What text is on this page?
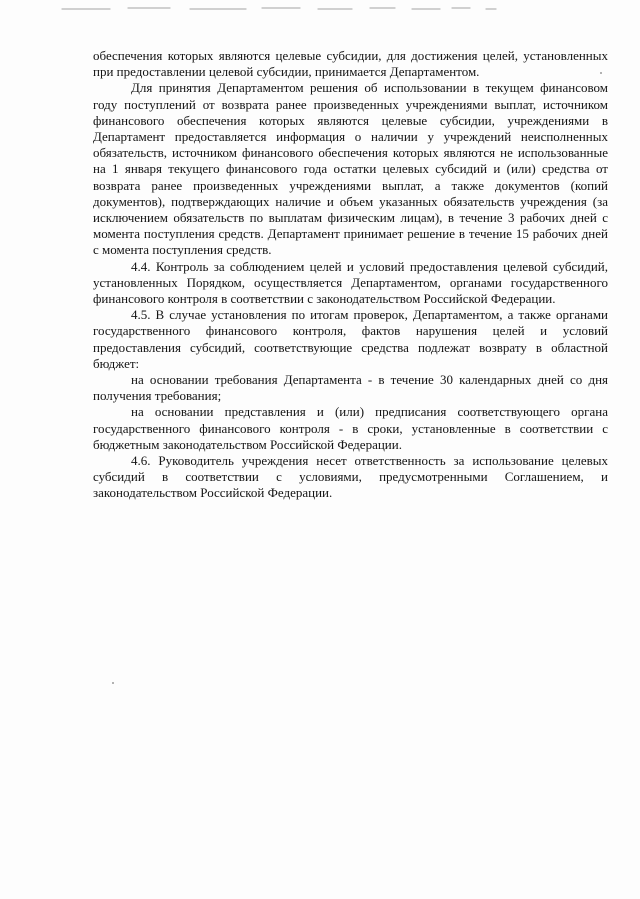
обеспечения которых являются целевые субсидии, для достижения целей, установленных при предоставлении целевой субсидии, принимается Департаментом.

Для принятия Департаментом решения об использовании в текущем финансовом году поступлений от возврата ранее произведенных учреждениями выплат, источником финансового обеспечения которых являются целевые субсидии, учреждениями в Департамент предоставляется информация о наличии у учреждений неисполненных обязательств, источником финансового обеспечения которых являются не использованные на 1 января текущего финансового года остатки целевых субсидий и (или) средства от возврата ранее произведенных учреждениями выплат, а также документов (копий документов), подтверждающих наличие и объем указанных обязательств учреждения (за исключением обязательств по выплатам физическим лицам), в течение 3 рабочих дней с момента поступления средств. Департамент принимает решение в течение 15 рабочих дней с момента поступления средств.

4.4. Контроль за соблюдением целей и условий предоставления целевой субсидий, установленных Порядком, осуществляется Департаментом, органами государственного финансового контроля в соответствии с законодательством Российской Федерации.

4.5. В случае установления по итогам проверок, Департаментом, а также органами государственного финансового контроля, фактов нарушения целей и условий предоставления субсидий, соответствующие средства подлежат возврату в областной бюджет:

на основании требования Департамента - в течение 30 календарных дней со дня получения требования;

на основании представления и (или) предписания соответствующего органа государственного финансового контроля - в сроки, установленные в соответствии с бюджетным законодательством Российской Федерации.

4.6. Руководитель учреждения несет ответственность за использование целевых субсидий в соответствии с условиями, предусмотренными Соглашением, и законодательством Российской Федерации.
